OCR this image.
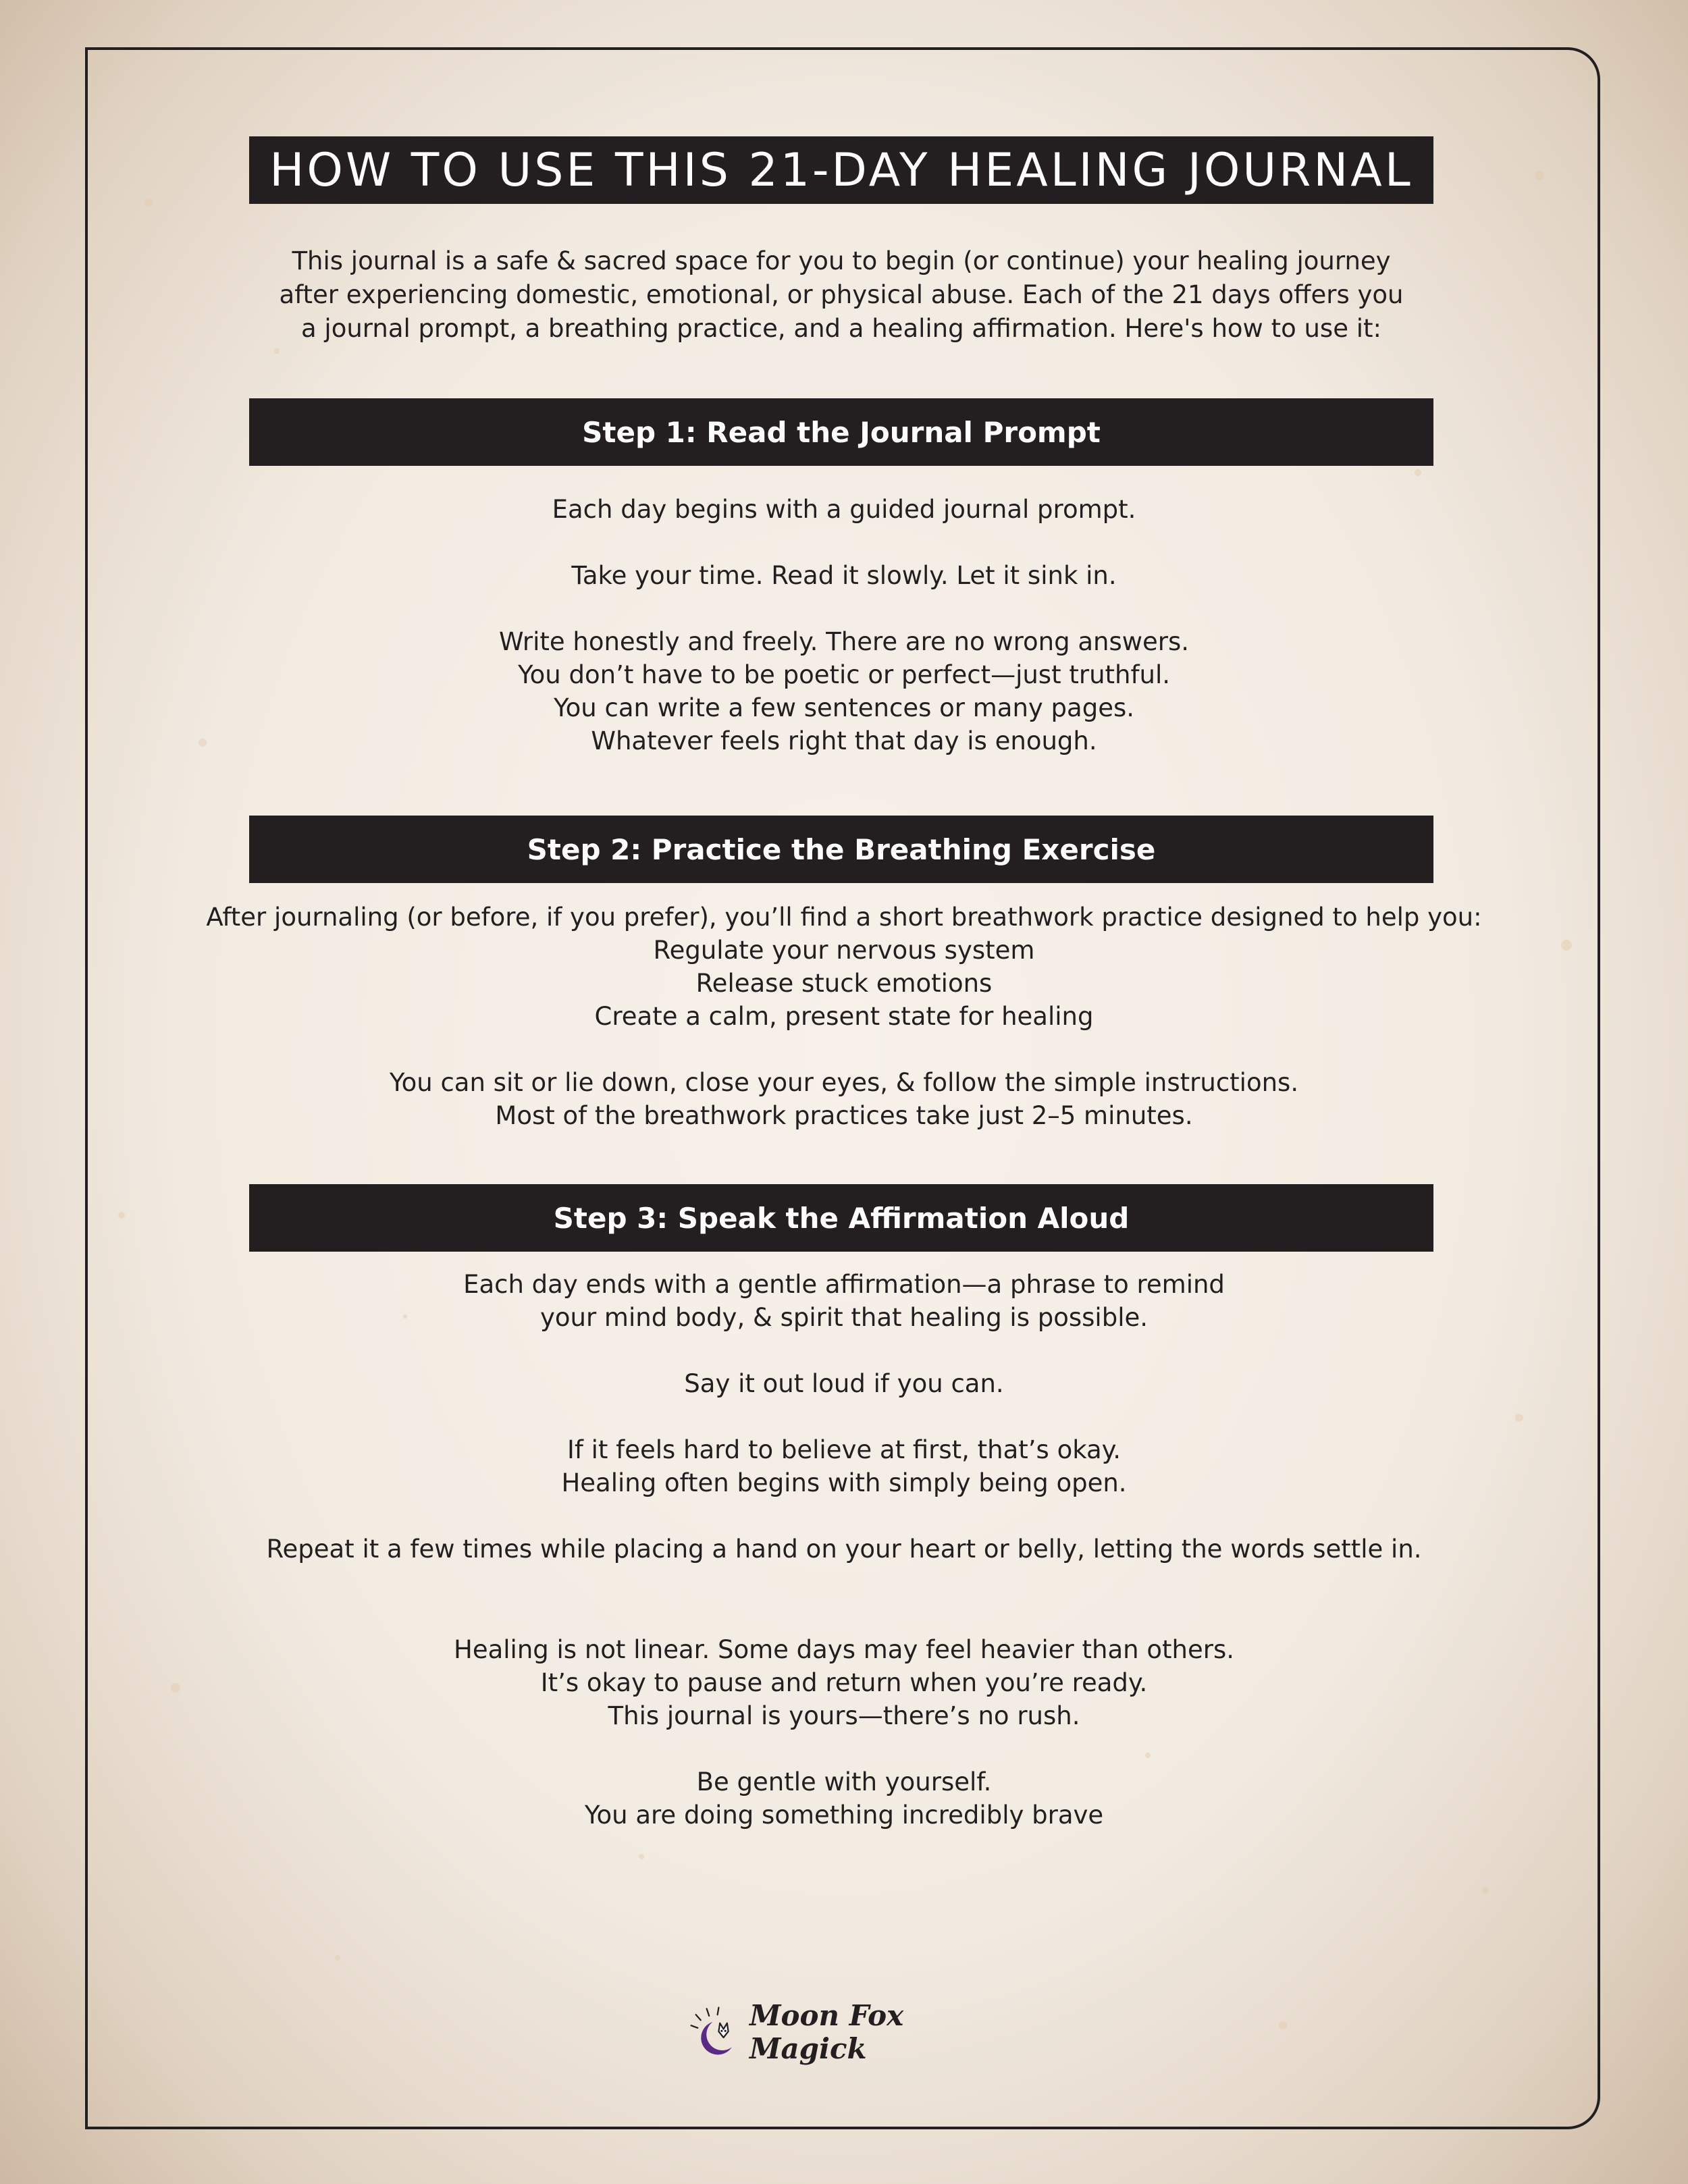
HOW TO USE THIS 21-DAY HEALING JOURNAL
This journal is a safe & sacred space for you to begin (or continue) your healing journey
after experiencing domestic, emotional, or physical abuse. Each of the 21 days offers you
a journal prompt, a breathing practice, and a healing affirmation. Here's how to use it:
Step 1: Read the Journal Prompt

Each day begins with a guided journal prompt.

Take your time. Read it slowly. Let it sink in.

Write honestly and freely. There are no wrong answers.

You don’t have to be poetic or perfect—just truthful.

You can write a few sentences or many pages.

Whatever feels right that day is enough.

Step 2: Practice the Breathing Exercise

After journaling (or before, if you prefer), you’ll find a short breathwork practice designed to help you:

Regulate your nervous system

Release stuck emotions

Create a calm, present state for healing

You can sit or lie down, close your eyes, & follow the simple instructions.

Most of the breathwork practices take just 2–5 minutes.

Step 3: Speak the Affirmation Aloud

Each day ends with a gentle affirmation—a phrase to remind

your mind body, & spirit that healing is possible.

Say it out loud if you can.

If it feels hard to believe at first, that’s okay.

Healing often begins with simply being open.

Repeat it a few times while placing a hand on your heart or belly, letting the words settle in.

Healing is not linear. Some days may feel heavier than others.

It’s okay to pause and return when you’re ready.

This journal is yours—there’s no rush.

Be gentle with yourself.

You are doing something incredibly brave

Moon Fox Magick
